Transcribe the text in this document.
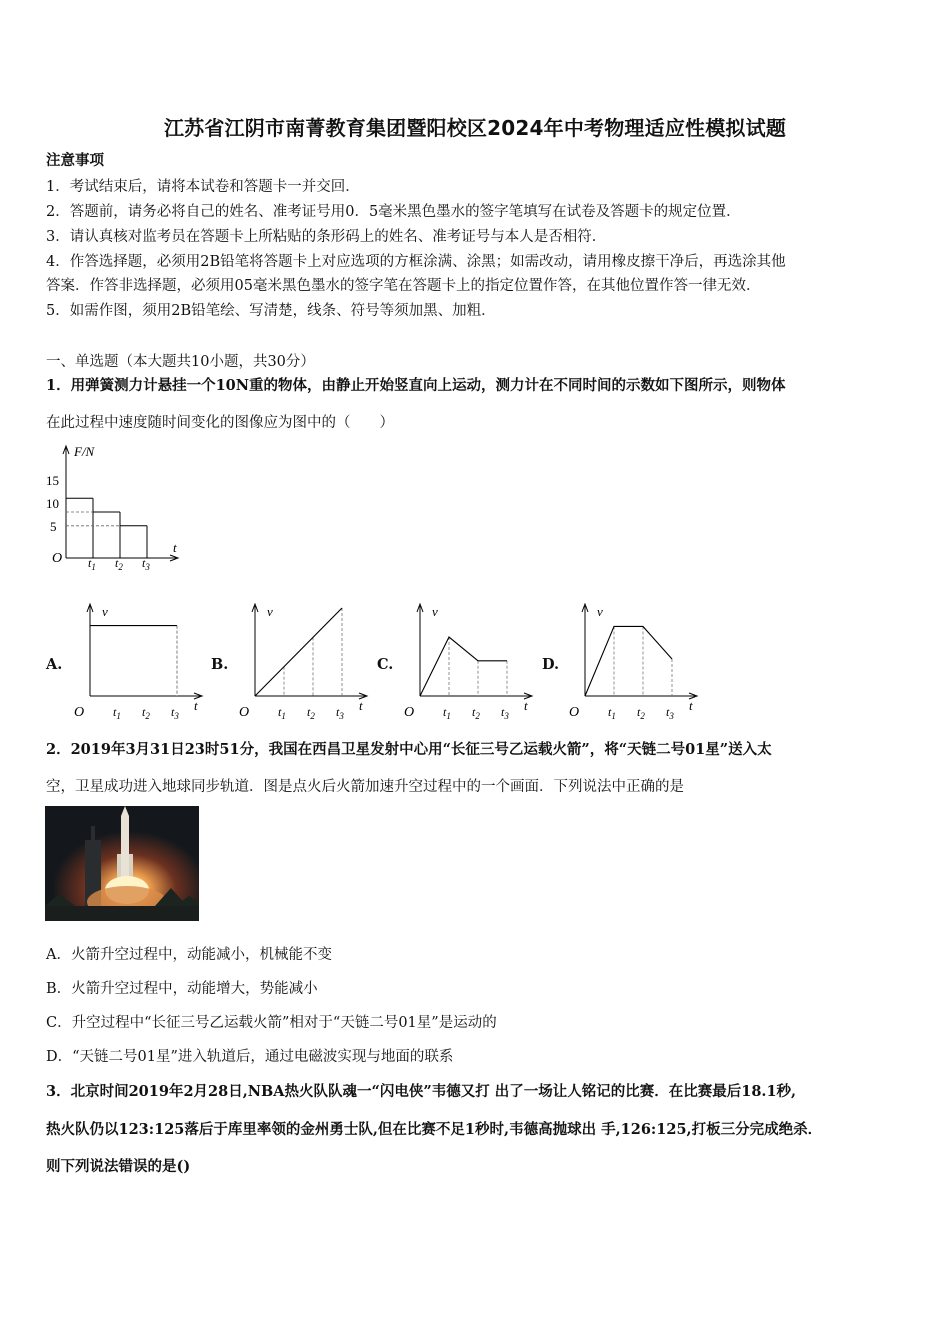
江苏省江阴市南菁教育集团暨阳校区2024年中考物理适应性模拟试题
注意事项
1．考试结束后，请将本试卷和答题卡一并交回．
2．答题前，请务必将自己的姓名、准考证号用0．5毫米黑色墨水的签字笔填写在试卷及答题卡的规定位置．
3．请认真核对监考员在答题卡上所粘贴的条形码上的姓名、准考证号与本人是否相符．
4．作答选择题，必须用2B铅笔将答题卡上对应选项的方框涂满、涂黑；如需改动，请用橡皮擦干净后，再选涂其他
答案．作答非选择题，必须用05毫米黑色墨水的签字笔在答题卡上的指定位置作答，在其他位置作答一律无效．
5．如需作图，须用2B铅笔绘、写清楚，线条、符号等须加黑、加粗．
一、单选题（本大题共10小题，共30分）
1．用弹簧测力计悬挂一个10N重的物体，由静止开始竖直向上运动，测力计在不同时间的示数如下图所示，则物体
在此过程中速度随时间变化的图像应为图中的（　　）
F/N
t
O
15
10
5
$t_1$ $t_2$ $t_3$
A.	B.	C.	D.
v
t
O $t_1$ $t_2$ $t_3$
v
t
O $t_1$ $t_2$ $t_3$
v
t
O $t_1$ $t_2$ $t_3$
v
t
O $t_1$ $t_2$ $t_3$
2．2019年3月31日23时51分，我国在西昌卫星发射中心用“长征三号乙运载火箭”，将“天链二号01星”送入太
空，卫星成功进入地球同步轨道．图是点火后火箭加速升空过程中的一个画面．下列说法中正确的是
A．火箭升空过程中，动能减小，机械能不变
B．火箭升空过程中，动能增大，势能减小
C．升空过程中“长征三号乙运载火箭”相对于“天链二号01星”是运动的
D．“天链二号01星”进入轨道后，通过电磁波实现与地面的联系
3．北京时间2019年2月28日,NBA热火队队魂一“闪电侠”韦德又打 出了一场让人铭记的比赛．在比赛最后18.1秒,
热火队仍以123:125落后于库里率领的金州勇士队,但在比赛不足1秒时,韦德高抛球出 手,126:125,打板三分完成绝杀．
则下列说法错误的是()
